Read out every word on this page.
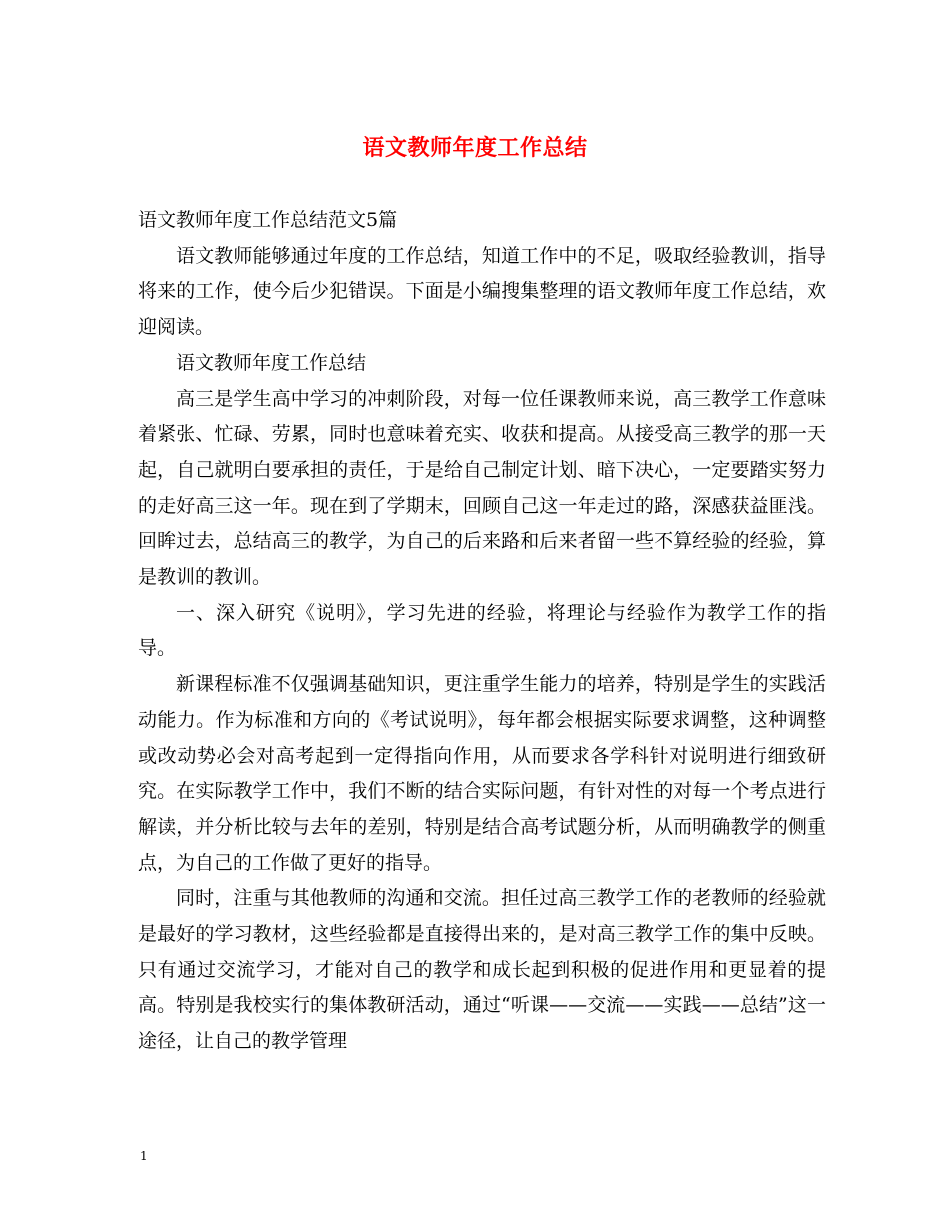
语文教师年度工作总结

语文教师年度工作总结范文5篇

语文教师能够通过年度的工作总结，知道工作中的不足，吸取经验教训，指导将来的工作，使今后少犯错误。下面是小编搜集整理的语文教师年度工作总结，欢迎阅读。

语文教师年度工作总结

高三是学生高中学习的冲刺阶段，对每一位任课教师来说，高三教学工作意味着紧张、忙碌、劳累，同时也意味着充实、收获和提高。从接受高三教学的那一天起，自己就明白要承担的责任，于是给自己制定计划、暗下决心，一定要踏实努力的走好高三这一年。现在到了学期末，回顾自己这一年走过的路，深感获益匪浅。 回眸过去，总结高三的教学，为自己的后来路和后来者留一些不算经验的经验，算是教训的教训。

一、深入研究《说明》，学习先进的经验，将理论与经验作为教学工作的指导。

新课程标准不仅强调基础知识，更注重学生能力的培养，特别是学生的实践活动能力。作为标准和方向的《考试说明》，每年都会根据实际要求调整，这种调整或改动势必会对高考起到一定得指向作用，从而要求各学科针对说明进行细致研究。在实际教学工作中，我们不断的结合实际问题，有针对性的对每一个考点进行解读，并分析比较与去年的差别，特别是结合高考试题分析，从而明确教学的侧重点，为自己的工作做了更好的指导。

同时，注重与其他教师的沟通和交流。担任过高三教学工作的老教师的经验就是最好的学习教材，这些经验都是直接得出来的，是对高三教学工作的集中反映。只有通过交流学习，才能对自己的教学和成长起到积极的促进作用和更显着的提高。特别是我校实行的集体教研活动，通过“听课——交流——实践——总结”这一途径，让自己的教学管理

1
